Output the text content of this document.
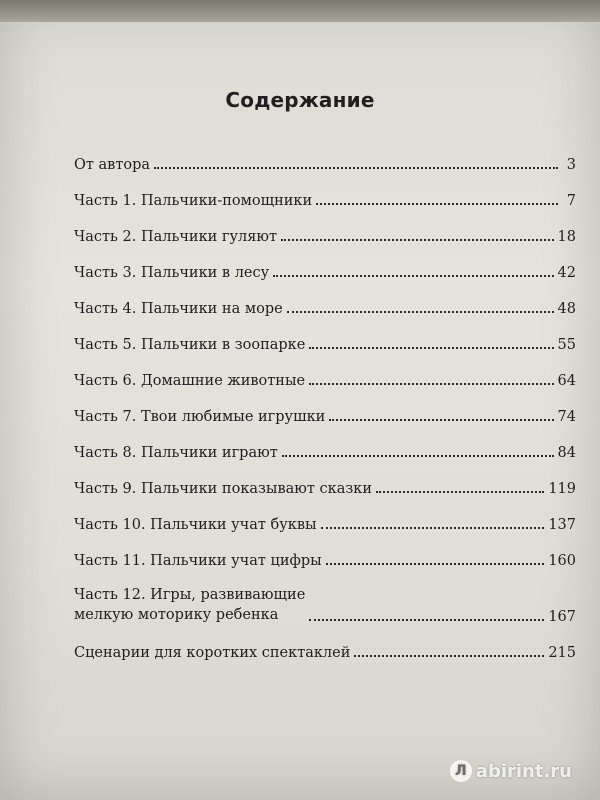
Содержание
От автора	3
Часть 1. Пальчики-помощники	7
Часть 2. Пальчики гуляют	18
Часть 3. Пальчики в лесу	42
Часть 4. Пальчики на море	48
Часть 5. Пальчики в зоопарке	55
Часть 6. Домашние животные	64
Часть 7. Твои любимые игрушки	74
Часть 8. Пальчики играют	84
Часть 9. Пальчики показывают сказки	119
Часть 10. Пальчики учат буквы	137
Часть 11. Пальчики учат цифры	160
Часть 12. Игры, развивающие
мелкую моторику ребенка	167
Сценарии для коротких спектаклей	215
Л abirint.ru
